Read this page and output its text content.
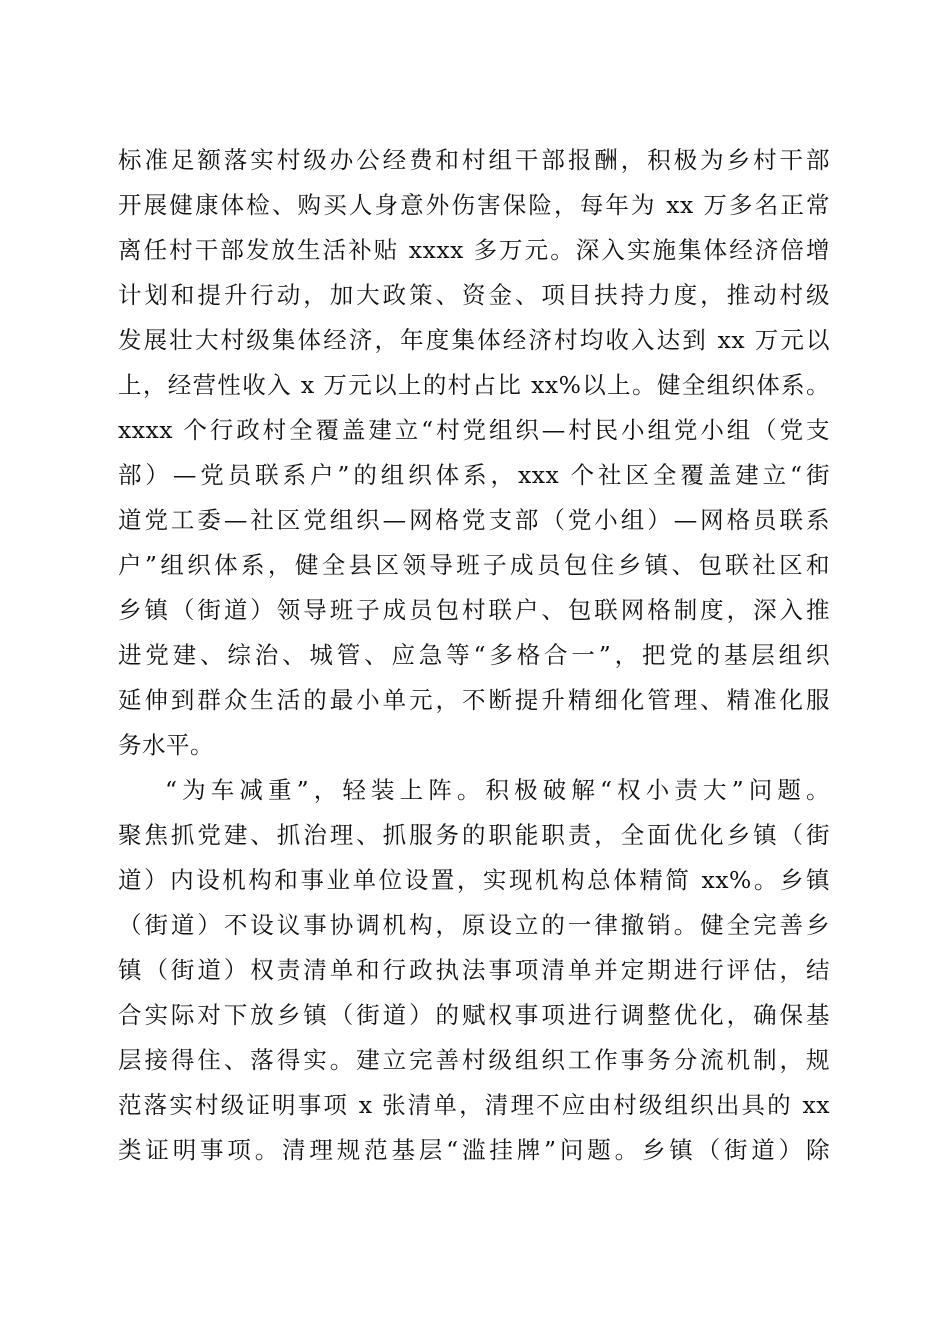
标准足额落实村级办公经费和村组干部报酬，积极为乡村干部
开展健康体检、购买人身意外伤害保险，每年为 xx 万多名正常
离任村干部发放生活补贴 xxxx 多万元。深入实施集体经济倍增
计划和提升行动，加大政策、资金、项目扶持力度，推动村级
发展壮大村级集体经济，年度集体经济村均收入达到 xx 万元以
上，经营性收入 x 万元以上的村占比 xx%以上。健全组织体系。
xxxx 个行政村全覆盖建立“村党组织—村民小组党小组（党支
部）—党员联系户”的组织体系，xxx 个社区全覆盖建立“街
道党工委—社区党组织—网格党支部（党小组）—网格员联系
户”组织体系，健全县区领导班子成员包住乡镇、包联社区和
乡镇（街道）领导班子成员包村联户、包联网格制度，深入推
进党建、综治、城管、应急等“多格合一”，把党的基层组织
延伸到群众生活的最小单元，不断提升精细化管理、精准化服
务水平。
“为车减重”，轻装上阵。积极破解“权小责大”问题。
聚焦抓党建、抓治理、抓服务的职能职责，全面优化乡镇（街
道）内设机构和事业单位设置，实现机构总体精简 xx%。乡镇
（街道）不设议事协调机构，原设立的一律撤销。健全完善乡
镇（街道）权责清单和行政执法事项清单并定期进行评估，结
合实际对下放乡镇（街道）的赋权事项进行调整优化，确保基
层接得住、落得实。建立完善村级组织工作事务分流机制，规
范落实村级证明事项 x 张清单，清理不应由村级组织出具的 xx
类证明事项。清理规范基层“滥挂牌”问题。乡镇（街道）除
